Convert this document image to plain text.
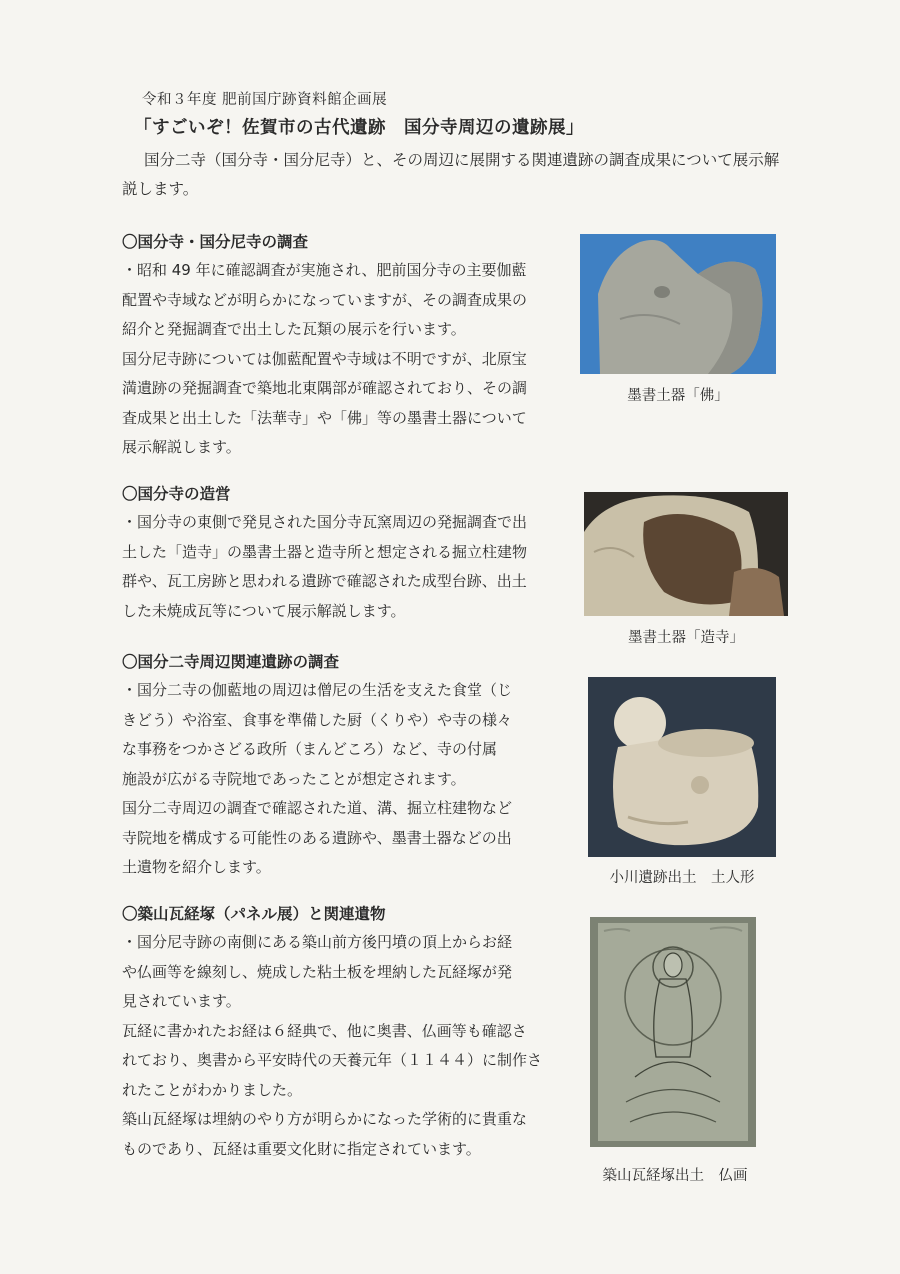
令和３年度 肥前国庁跡資料館企画展
「すごいぞ！佐賀市の古代遺跡　国分寺周辺の遺跡展」
国分二寺（国分寺・国分尼寺）と、その周辺に展開する関連遺跡の調査成果について展示解説します。
〇国分寺・国分尼寺の調査

・昭和 49 年に確認調査が実施され、肥前国分寺の主要伽藍

配置や寺域などが明らかになっていますが、その調査成果の

紹介と発掘調査で出土した瓦類の展示を行います。

国分尼寺跡については伽藍配置や寺域は不明ですが、北原宝

満遺跡の発掘調査で築地北東隅部が確認されており、その調

査成果と出土した「法華寺」や「佛」等の墨書土器について

展示解説します。

墨書土器「佛」
〇国分寺の造営

・国分寺の東側で発見された国分寺瓦窯周辺の発掘調査で出

土した「造寺」の墨書土器と造寺所と想定される掘立柱建物

群や、瓦工房跡と思われる遺跡で確認された成型台跡、出土

した未焼成瓦等について展示解説します。

墨書土器「造寺」
〇国分二寺周辺関連遺跡の調査

・国分二寺の伽藍地の周辺は僧尼の生活を支えた食堂（じ

きどう）や浴室、食事を準備した厨（くりや）や寺の様々

な事務をつかさどる政所（まんどころ）など、寺の付属

施設が広がる寺院地であったことが想定されます。

国分二寺周辺の調査で確認された道、溝、掘立柱建物など

寺院地を構成する可能性のある遺跡や、墨書土器などの出

土遺物を紹介します。

小川遺跡出土　土人形
〇築山瓦経塚（パネル展）と関連遺物

・国分尼寺跡の南側にある築山前方後円墳の頂上からお経

や仏画等を線刻し、焼成した粘土板を埋納した瓦経塚が発

見されています。

瓦経に書かれたお経は６経典で、他に奥書、仏画等も確認さ

れており、奥書から平安時代の天養元年（１１４４）に制作さ

れたことがわかりました。

築山瓦経塚は埋納のやり方が明らかになった学術的に貴重な

ものであり、瓦経は重要文化財に指定されています。

築山瓦経塚出土　仏画
